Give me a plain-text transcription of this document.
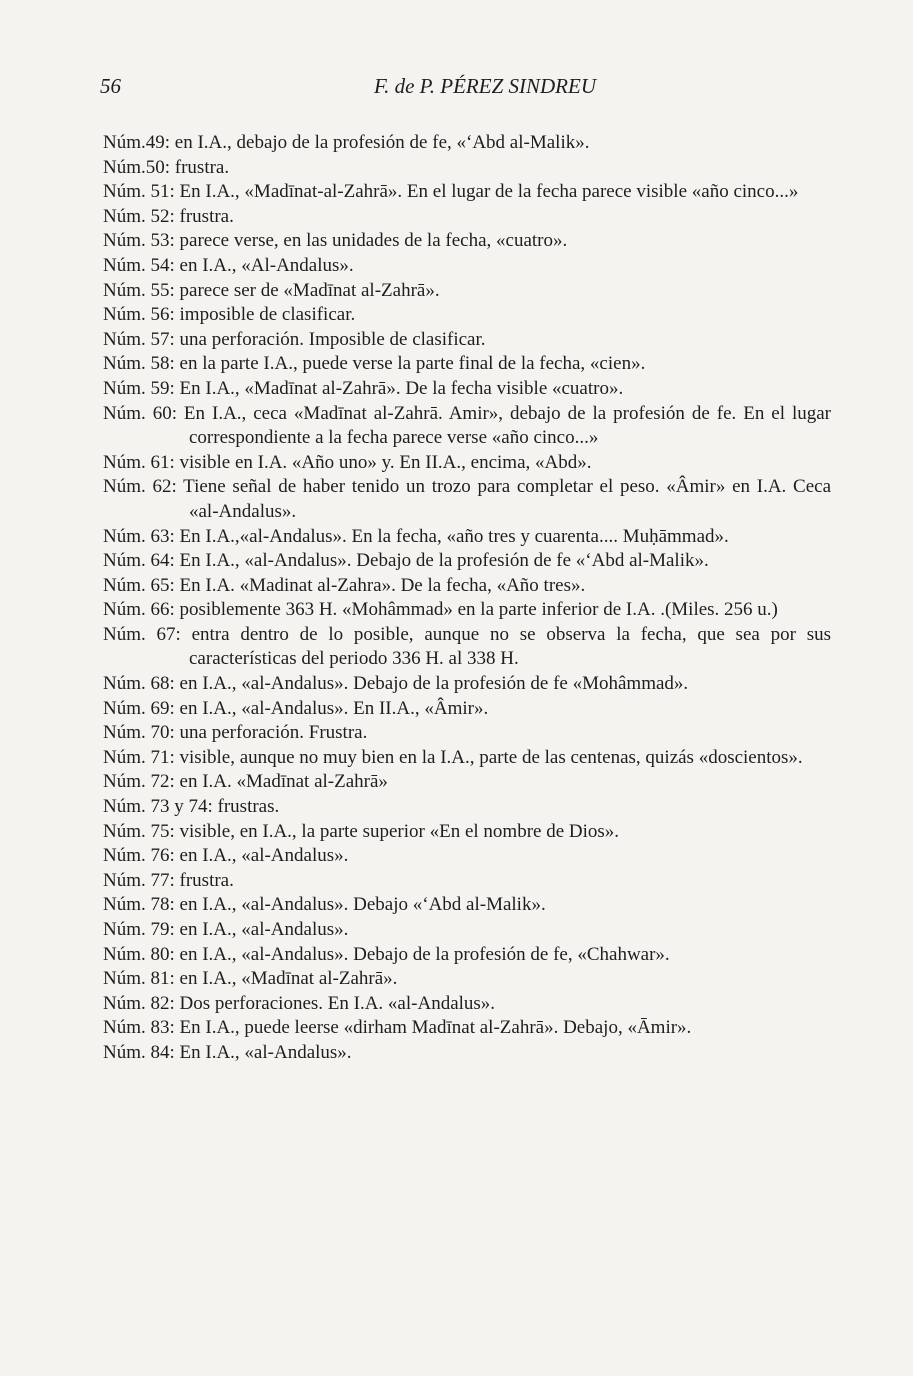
56	F. de P. PÉREZ SINDREU
Núm.49: en I.A., debajo de la profesión de fe, «‘Abd al-Malik».
Núm.50: frustra.
Núm. 51: En I.A., «Madīnat-al-Zahrā». En el lugar de la fecha parece visible «año cinco...»
Núm. 52: frustra.
Núm. 53: parece verse, en las unidades de la fecha, «cuatro».
Núm. 54: en I.A., «Al-Andalus».
Núm. 55: parece ser de «Madīnat al-Zahrā».
Núm. 56: imposible de clasificar.
Núm. 57: una perforación. Imposible de clasificar.
Núm. 58: en la parte I.A., puede verse la parte final de la fecha, «cien».
Núm. 59: En I.A., «Madīnat al-Zahrā». De la fecha visible «cuatro».
Núm. 60: En I.A., ceca «Madīnat al-Zahrā. Amir», debajo de la profesión de fe. En el lugar correspondiente a la fecha parece verse «año cinco...»
Núm. 61: visible en I.A. «Año uno» y. En II.A., encima, «Abd».
Núm. 62: Tiene señal de haber tenido un trozo para completar el peso. «Âmir» en I.A. Ceca «al-Andalus».
Núm. 63: En I.A.,«al-Andalus». En la fecha, «año tres y cuarenta.... Muḥāmmad».
Núm. 64: En I.A., «al-Andalus». Debajo de la profesión de fe «‘Abd al-Malik».
Núm. 65: En I.A. «Madinat al-Zahra». De la fecha, «Año tres».
Núm. 66: posiblemente 363 H. «Mohâmmad» en la parte inferior de I.A. .(Miles. 256 u.)
Núm. 67: entra dentro de lo posible, aunque no se observa la fecha, que sea por sus características del periodo 336 H. al 338 H.
Núm. 68: en I.A., «al-Andalus». Debajo de la profesión de fe «Mohâmmad».
Núm. 69: en I.A., «al-Andalus». En II.A., «Âmir».
Núm. 70: una perforación. Frustra.
Núm. 71: visible, aunque no muy bien en la I.A., parte de las centenas, quizás «doscientos».
Núm. 72: en I.A. «Madīnat al-Zahrā»
Núm. 73 y 74: frustras.
Núm. 75: visible, en I.A., la parte superior «En el nombre de Dios».
Núm. 76: en I.A., «al-Andalus».
Núm. 77: frustra.
Núm. 78: en I.A., «al-Andalus». Debajo «‘Abd al-Malik».
Núm. 79: en I.A., «al-Andalus».
Núm. 80: en I.A., «al-Andalus». Debajo de la profesión de fe, «Chahwar».
Núm. 81: en I.A., «Madīnat al-Zahrā».
Núm. 82: Dos perforaciones. En I.A. «al-Andalus».
Núm. 83: En I.A., puede leerse «dirham Madīnat al-Zahrā». Debajo, «Āmir».
Núm. 84: En I.A., «al-Andalus».
